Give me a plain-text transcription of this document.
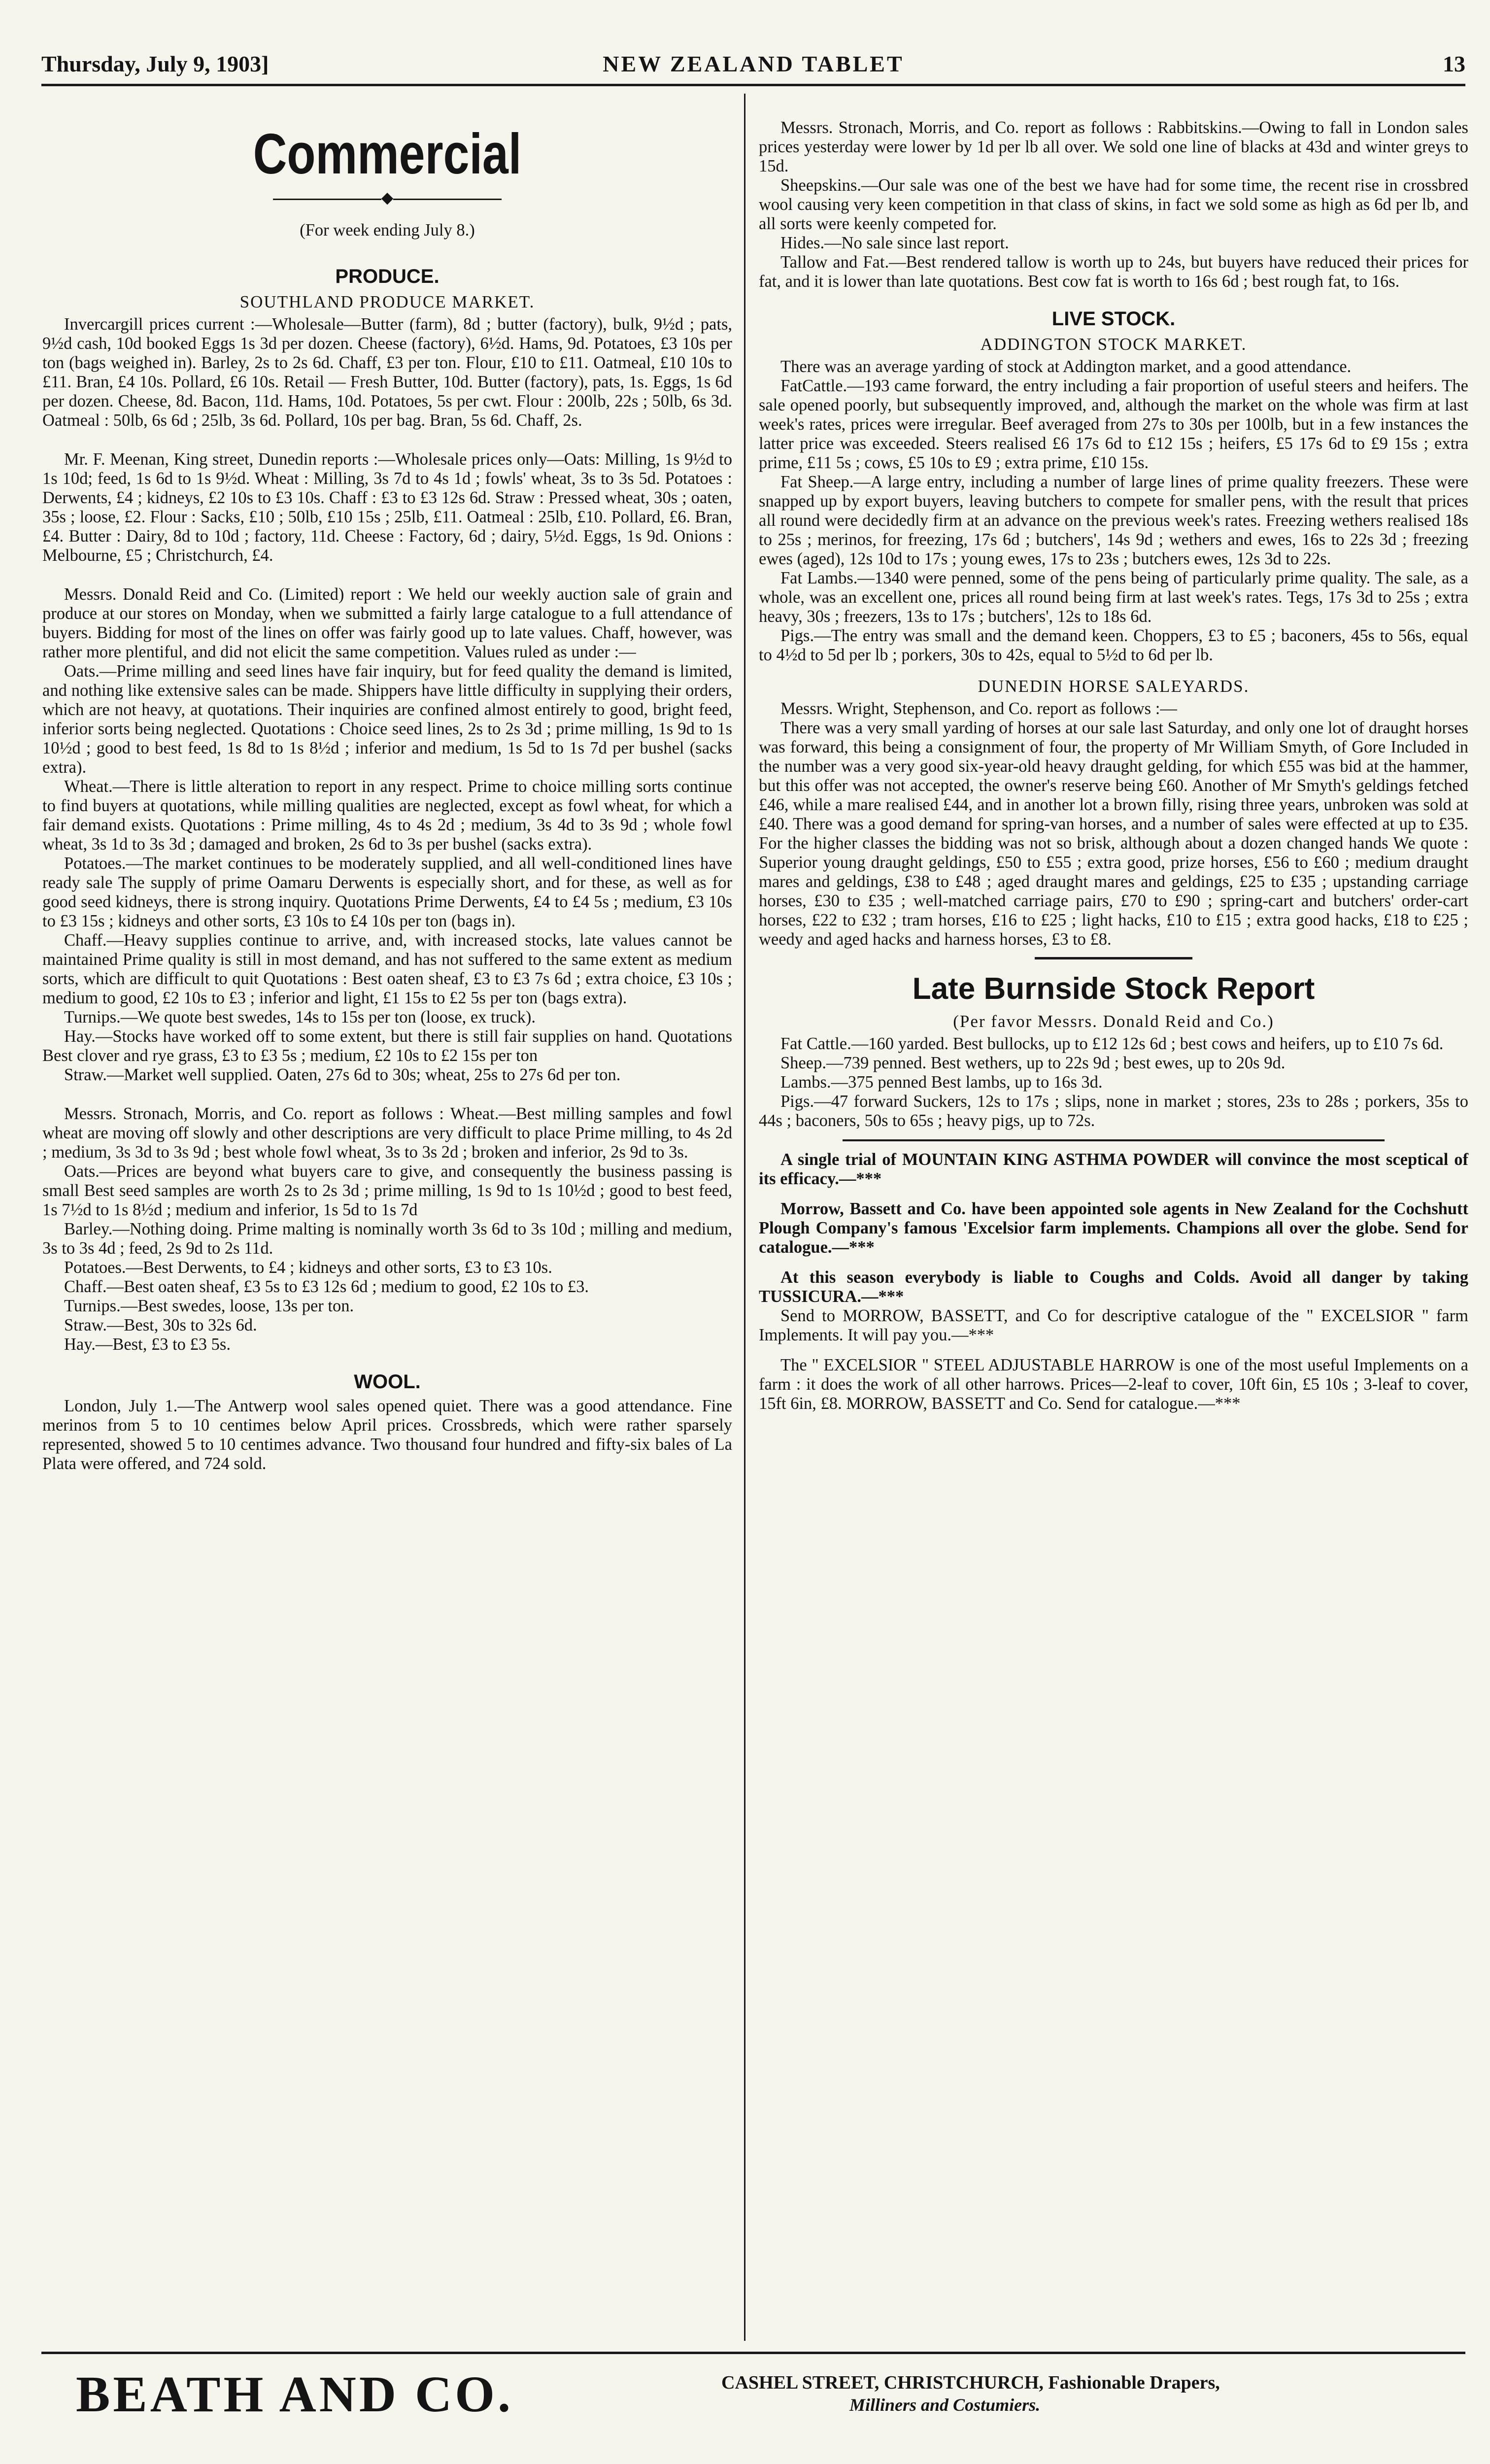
Thursday, July 9, 1903]	NEW ZEALAND TABLET	13
Commercial
◆

(For week ending July 8.)

PRODUCE.
SOUTHLAND PRODUCE MARKET.

Invercargill prices current :—Wholesale—Butter (farm), 8d ; butter (factory), bulk, 9½d ; pats, 9½d cash, 10d booked Eggs 1s 3d per dozen. Cheese (factory), 6½d. Hams, 9d. Potatoes, £3 10s per ton (bags weighed in). Barley, 2s to 2s 6d. Chaff, £3 per ton. Flour, £10 to £11. Oatmeal, £10 10s to £11. Bran, £4 10s. Pollard, £6 10s. Retail — Fresh Butter, 10d. Butter (factory), pats, 1s. Eggs, 1s 6d per dozen. Cheese, 8d. Bacon, 11d. Hams, 10d. Potatoes, 5s per cwt. Flour : 200lb, 22s ; 50lb, 6s 3d. Oatmeal : 50lb, 6s 6d ; 25lb, 3s 6d. Pollard, 10s per bag. Bran, 5s 6d. Chaff, 2s.

Mr. F. Meenan, King street, Dunedin reports :—Wholesale prices only—Oats: Milling, 1s 9½d to 1s 10d; feed, 1s 6d to 1s 9½d. Wheat : Milling, 3s 7d to 4s 1d ; fowls' wheat, 3s to 3s 5d. Potatoes : Derwents, £4 ; kidneys, £2 10s to £3 10s. Chaff : £3 to £3 12s 6d. Straw : Pressed wheat, 30s ; oaten, 35s ; loose, £2. Flour : Sacks, £10 ; 50lb, £10 15s ; 25lb, £11. Oatmeal : 25lb, £10. Pollard, £6. Bran, £4. Butter : Dairy, 8d to 10d ; factory, 11d. Cheese : Factory, 6d ; dairy, 5½d. Eggs, 1s 9d. Onions : Melbourne, £5 ; Christchurch, £4.

Messrs. Donald Reid and Co. (Limited) report : We held our weekly auction sale of grain and produce at our stores on Monday, when we submitted a fairly large catalogue to a full attendance of buyers. Bidding for most of the lines on offer was fairly good up to late values. Chaff, however, was rather more plentiful, and did not elicit the same competition. Values ruled as under :—

Oats.—Prime milling and seed lines have fair inquiry, but for feed quality the demand is limited, and nothing like extensive sales can be made. Shippers have little difficulty in supplying their orders, which are not heavy, at quotations. Their inquiries are confined almost entirely to good, bright feed, inferior sorts being neglected. Quotations : Choice seed lines, 2s to 2s 3d ; prime milling, 1s 9d to 1s 10½d ; good to best feed, 1s 8d to 1s 8½d ; inferior and medium, 1s 5d to 1s 7d per bushel (sacks extra).

Wheat.—There is little alteration to report in any respect. Prime to choice milling sorts continue to find buyers at quotations, while milling qualities are neglected, except as fowl wheat, for which a fair demand exists. Quotations : Prime milling, 4s to 4s 2d ; medium, 3s 4d to 3s 9d ; whole fowl wheat, 3s 1d to 3s 3d ; damaged and broken, 2s 6d to 3s per bushel (sacks extra).

Potatoes.—The market continues to be moderately supplied, and all well-conditioned lines have ready sale The supply of prime Oamaru Derwents is especially short, and for these, as well as for good seed kidneys, there is strong inquiry. Quotations Prime Derwents, £4 to £4 5s ; medium, £3 10s to £3 15s ; kidneys and other sorts, £3 10s to £4 10s per ton (bags in).

Chaff.—Heavy supplies continue to arrive, and, with increased stocks, late values cannot be maintained Prime quality is still in most demand, and has not suffered to the same extent as medium sorts, which are difficult to quit Quotations : Best oaten sheaf, £3 to £3 7s 6d ; extra choice, £3 10s ; medium to good, £2 10s to £3 ; inferior and light, £1 15s to £2 5s per ton (bags extra).

Turnips.—We quote best swedes, 14s to 15s per ton (loose, ex truck).

Hay.—Stocks have worked off to some extent, but there is still fair supplies on hand. Quotations Best clover and rye grass, £3 to £3 5s ; medium, £2 10s to £2 15s per ton

Straw.—Market well supplied. Oaten, 27s 6d to 30s; wheat, 25s to 27s 6d per ton.

Messrs. Stronach, Morris, and Co. report as follows : Wheat.—Best milling samples and fowl wheat are moving off slowly and other descriptions are very difficult to place Prime milling, to 4s 2d ; medium, 3s 3d to 3s 9d ; best whole fowl wheat, 3s to 3s 2d ; broken and inferior, 2s 9d to 3s.

Oats.—Prices are beyond what buyers care to give, and consequently the business passing is small Best seed samples are worth 2s to 2s 3d ; prime milling, 1s 9d to 1s 10½d ; good to best feed, 1s 7½d to 1s 8½d ; medium and inferior, 1s 5d to 1s 7d

Barley.—Nothing doing. Prime malting is nominally worth 3s 6d to 3s 10d ; milling and medium, 3s to 3s 4d ; feed, 2s 9d to 2s 11d.

Potatoes.—Best Derwents, to £4 ; kidneys and other sorts, £3 to £3 10s.

Chaff.—Best oaten sheaf, £3 5s to £3 12s 6d ; medium to good, £2 10s to £3.

Turnips.—Best swedes, loose, 13s per ton.

Straw.—Best, 30s to 32s 6d.

Hay.—Best, £3 to £3 5s.

WOOL.

London, July 1.—The Antwerp wool sales opened quiet. There was a good attendance. Fine merinos from 5 to 10 centimes below April prices. Crossbreds, which were rather sparsely represented, showed 5 to 10 centimes advance. Two thousand four hundred and fifty-six bales of La Plata were offered, and 724 sold.

Messrs. Stronach, Morris, and Co. report as follows : Rabbitskins.—Owing to fall in London sales prices yesterday were lower by 1d per lb all over. We sold one line of blacks at 43d and winter greys to 15d.

Sheepskins.—Our sale was one of the best we have had for some time, the recent rise in crossbred wool causing very keen competition in that class of skins, in fact we sold some as high as 6d per lb, and all sorts were keenly competed for.

Hides.—No sale since last report.

Tallow and Fat.—Best rendered tallow is worth up to 24s, but buyers have reduced their prices for fat, and it is lower than late quotations. Best cow fat is worth to 16s 6d ; best rough fat, to 16s.

LIVE STOCK.
ADDINGTON STOCK MARKET.

There was an average yarding of stock at Addington market, and a good attendance.

FatCattle.—193 came forward, the entry including a fair proportion of useful steers and heifers. The sale opened poorly, but subsequently improved, and, although the market on the whole was firm at last week's rates, prices were irregular. Beef averaged from 27s to 30s per 100lb, but in a few instances the latter price was exceeded. Steers realised £6 17s 6d to £12 15s ; heifers, £5 17s 6d to £9 15s ; extra prime, £11 5s ; cows, £5 10s to £9 ; extra prime, £10 15s.

Fat Sheep.—A large entry, including a number of large lines of prime quality freezers. These were snapped up by export buyers, leaving butchers to compete for smaller pens, with the result that prices all round were decidedly firm at an advance on the previous week's rates. Freezing wethers realised 18s to 25s ; merinos, for freezing, 17s 6d ; butchers', 14s 9d ; wethers and ewes, 16s to 22s 3d ; freezing ewes (aged), 12s 10d to 17s ; young ewes, 17s to 23s ; butchers ewes, 12s 3d to 22s.

Fat Lambs.—1340 were penned, some of the pens being of particularly prime quality. The sale, as a whole, was an excellent one, prices all round being firm at last week's rates. Tegs, 17s 3d to 25s ; extra heavy, 30s ; freezers, 13s to 17s ; butchers', 12s to 18s 6d.

Pigs.—The entry was small and the demand keen. Choppers, £3 to £5 ; baconers, 45s to 56s, equal to 4½d to 5d per lb ; porkers, 30s to 42s, equal to 5½d to 6d per lb.

DUNEDIN HORSE SALEYARDS.

Messrs. Wright, Stephenson, and Co. report as follows :—

There was a very small yarding of horses at our sale last Saturday, and only one lot of draught horses was forward, this being a consignment of four, the property of Mr William Smyth, of Gore Included in the number was a very good six-year-old heavy draught gelding, for which £55 was bid at the hammer, but this offer was not accepted, the owner's reserve being £60. Another of Mr Smyth's geldings fetched £46, while a mare realised £44, and in another lot a brown filly, rising three years, unbroken was sold at £40. There was a good demand for spring-van horses, and a number of sales were effected at up to £35. For the higher classes the bidding was not so brisk, although about a dozen changed hands We quote : Superior young draught geldings, £50 to £55 ; extra good, prize horses, £56 to £60 ; medium draught mares and geldings, £38 to £48 ; aged draught mares and geldings, £25 to £35 ; upstanding carriage horses, £30 to £35 ; well-matched carriage pairs, £70 to £90 ; spring-cart and butchers' order-cart horses, £22 to £32 ; tram horses, £16 to £25 ; light hacks, £10 to £15 ; extra good hacks, £18 to £25 ; weedy and aged hacks and harness horses, £3 to £8.

Late Burnside Stock Report
(Per favor Messrs. Donald Reid and Co.)

Fat Cattle.—160 yarded. Best bullocks, up to £12 12s 6d ; best cows and heifers, up to £10 7s 6d.

Sheep.—739 penned. Best wethers, up to 22s 9d ; best ewes, up to 20s 9d.

Lambs.—375 penned Best lambs, up to 16s 3d.

Pigs.—47 forward Suckers, 12s to 17s ; slips, none in market ; stores, 23s to 28s ; porkers, 35s to 44s ; baconers, 50s to 65s ; heavy pigs, up to 72s.

A single trial of MOUNTAIN KING ASTHMA POWDER will convince the most sceptical of its efficacy.—***

Morrow, Bassett and Co. have been appointed sole agents in New Zealand for the Cochshutt Plough Company's famous 'Excelsior farm implements. Champions all over the globe. Send for catalogue.—***

At this season everybody is liable to Coughs and Colds. Avoid all danger by taking TUSSICURA.—***

Send to MORROW, BASSETT, and Co for descriptive catalogue of the " EXCELSIOR " farm Implements. It will pay you.—***

The " EXCELSIOR " STEEL ADJUSTABLE HARROW is one of the most useful Implements on a farm : it does the work of all other harrows. Prices—2-leaf to cover, 10ft 6in, £5 10s ; 3-leaf to cover, 15ft 6in, £8. MORROW, BASSETT and Co. Send for catalogue.—***

BEATH AND CO.	CASHEL STREET, CHRISTCHURCH, Fashionable Drapers,
Milliners and Costumiers.
